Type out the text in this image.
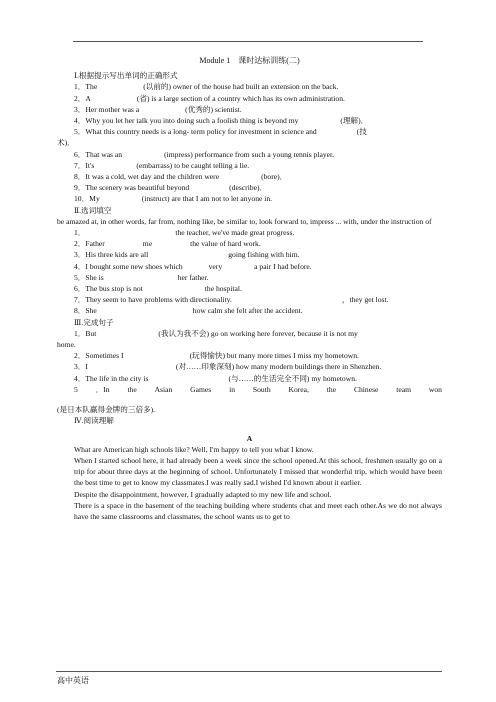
Module 1　课时达标训练(二)
Ⅰ.根据提示写出单词的正确形式
1．The	(以前的) owner of the house had built an extension on the back.
2．A	(省) is a large section of a country which has its own administration.
3．Her mother was a	(优秀的) scientist.
4．Why you let her talk you into doing such a foolish thing is beyond my	(理解)．
5．What this country needs is a long- term policy for investment in science and	(技
术)．
6．That was an	(impress) performance from such a young tennis player.
7．It's	(embarrass) to be caught telling a lie.
8．It was a cold, wet day and the children were	(bore)．
9．The scenery was beautiful beyond	(describe)．
10．My	(instruct) are that I am not to let anyone in.
Ⅱ.选词填空
be amazed at, in other words, far from, nothing like, be similar to, look forward to, impress ... with, under the instruction of
1．	the teacher, we've made great progress.
2．Father	me	the value of hard work.
3．His three kids are all	going fishing with him.
4．I bought some new shoes which	very	a pair I had before.
5．She is	her father.
6．The bus stop is not	the hospital.
7．They seem to have problems with directionality.	，they get lost.
8．She	how calm she felt after the accident.
Ⅲ.完成句子
1．But	(我认为我不会) go on working here forever, because it is not my
home.
2．Sometimes I	(玩得愉快) but many more times I miss my hometown.
3．I	(对……印象深刻) how many modern buildings there in Shenzhen.
4．The life in the city is	(与……的生活完全不同) my hometown.
5 ．In the Asian Games in South Korea, the Chinese team won
(是日本队赢得金牌的三倍多).
Ⅳ.阅读理解
A
What are American high schools like? Well, I'm happy to tell you what I know.
When I started school here, it had already been a week since the school opened.At this school, freshmen usually go on a trip for about three days at the beginning of school. Unfortunately I missed that wonderful trip, which would have been the best time to get to know my classmates.I was really sad.I wished I'd known about it earlier.
Despite the disappointment, however, I gradually adapted to my new life and school.
There is a space in the basement of the teaching building where students chat and meet each other.As we do not always have the same classrooms and classmates, the school wants us to get to
高中英语
